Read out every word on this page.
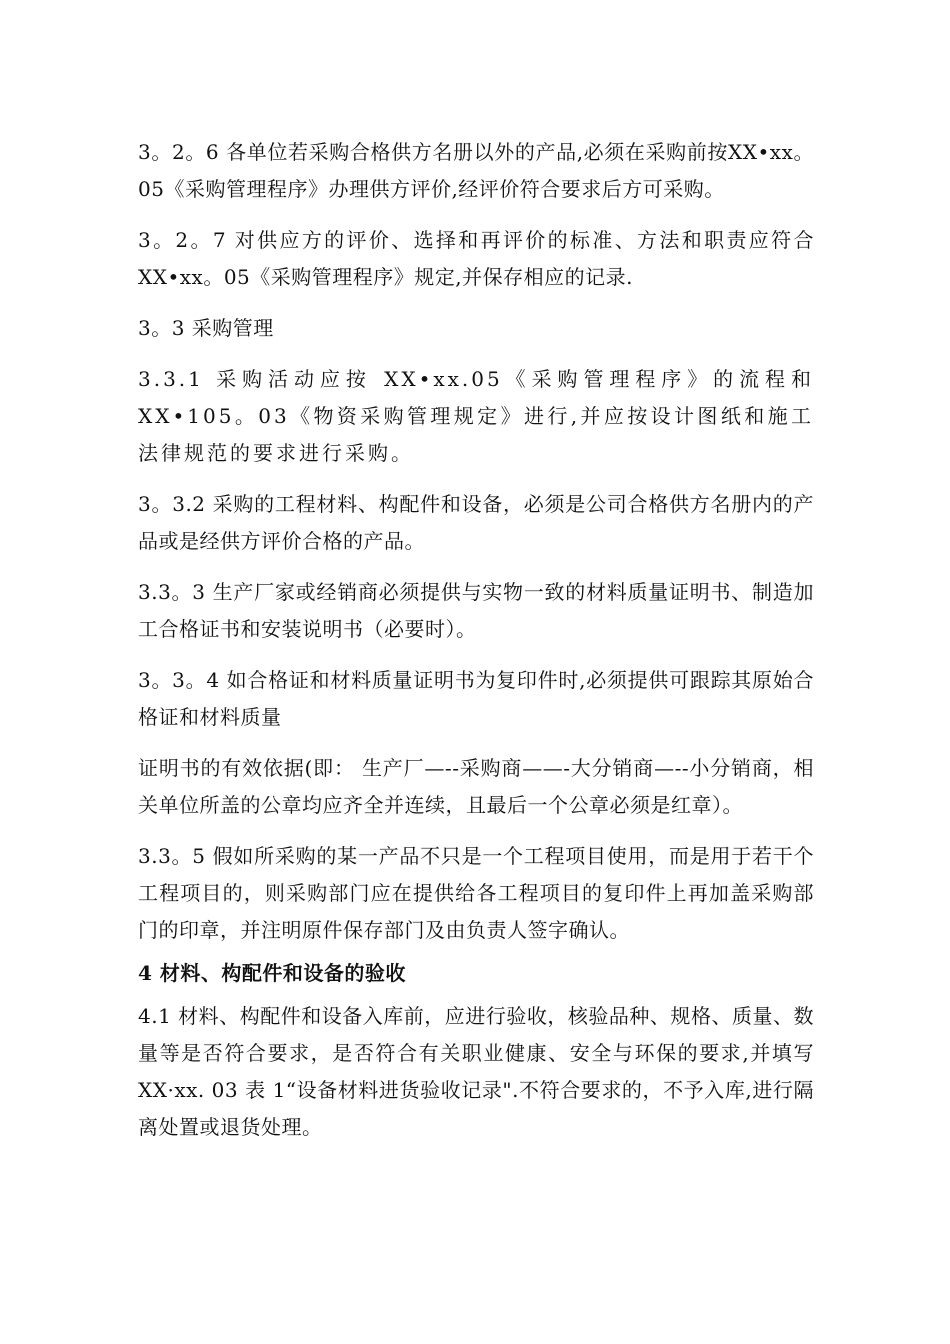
3。2。6 各单位若采购合格供方名册以外的产品,必须在采购前按XX•xx。05《采购管理程序》办理供方评价,经评价符合要求后方可采购。

3。2。7 对供应方的评价、选择和再评价的标准、方法和职责应符合XX•xx。05《采购管理程序》规定,并保存相应的记录.

3。3 采购管理

3.3.1 采购活动应按 XX•xx.05《采购管理程序》的流程和XX•105。03《物资采购管理规定》进行,并应按设计图纸和施工法律规范的要求进行采购。

3。3.2 采购的工程材料、构配件和设备，必须是公司合格供方名册内的产品或是经供方评价合格的产品。

3.3。3 生产厂家或经销商必须提供与实物一致的材料质量证明书、制造加工合格证书和安装说明书（必要时）。

3。3。4 如合格证和材料质量证明书为复印件时,必须提供可跟踪其原始合格证和材料质量

证明书的有效依据(即： 生产厂—--采购商——-大分销商—--小分销商，相关单位所盖的公章均应齐全并连续，且最后一个公章必须是红章）。

3.3。5 假如所采购的某一产品不只是一个工程项目使用，而是用于若干个工程项目的，则采购部门应在提供给各工程项目的复印件上再加盖采购部门的印章，并注明原件保存部门及由负责人签字确认。

4 材料、构配件和设备的验收

4.1 材料、构配件和设备入库前，应进行验收，核验品种、规格、质量、数量等是否符合要求，是否符合有关职业健康、安全与环保的要求,并填写 XX·xx. 03 表 1“设备材料进货验收记录".不符合要求的，不予入库,进行隔离处置或退货处理。
